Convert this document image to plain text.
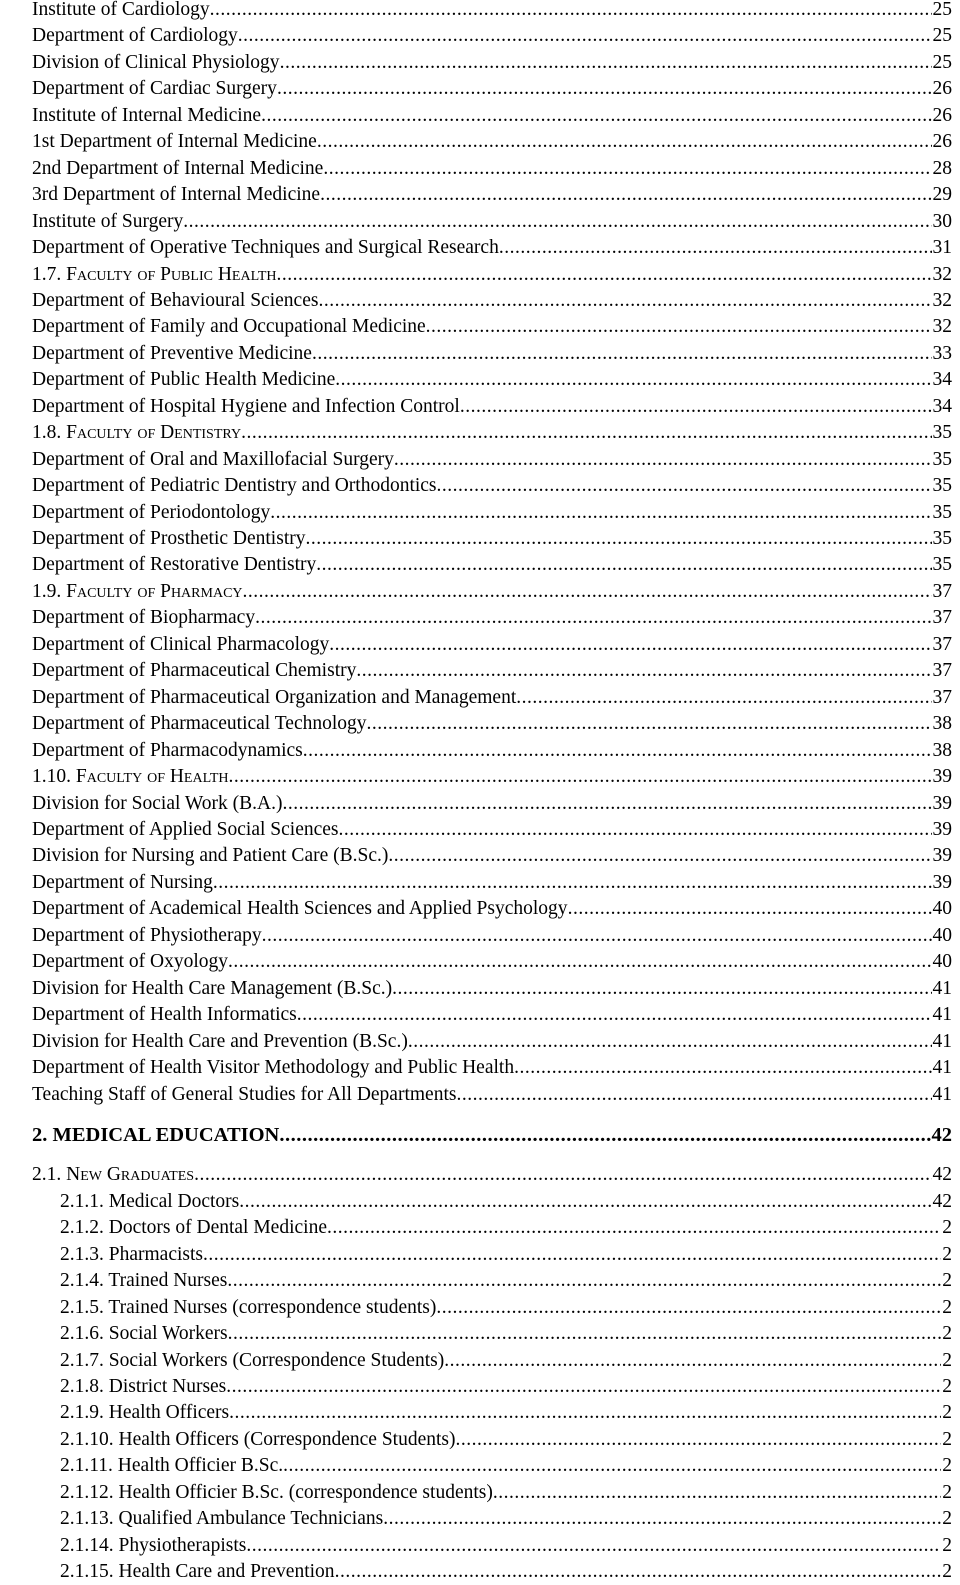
Institute of Cardiology .....	25
Department of Cardiology .....	25
Division of Clinical Physiology .....	25
Department of Cardiac Surgery .....	26
Institute of Internal Medicine .....	26
1st Department of Internal Medicine .....	26
2nd Department of Internal Medicine .....	28
3rd Department of Internal Medicine .....	29
Institute of Surgery .....	30
Department of Operative Techniques and Surgical Research .....	31
1.7. Faculty of Public Health .....	32
Department of Behavioural Sciences .....	32
Department of Family and Occupational Medicine .....	32
Department of Preventive Medicine .....	33
Department of Public Health Medicine .....	34
Department of Hospital Hygiene and Infection Control .....	34
1.8. Faculty of Dentistry .....	35
Department of Oral and Maxillofacial Surgery .....	35
Department of Pediatric Dentistry and Orthodontics .....	35
Department of Periodontology .....	35
Department of Prosthetic Dentistry .....	35
Department of Restorative Dentistry .....	35
1.9. Faculty of Pharmacy .....	37
Department of Biopharmacy .....	37
Department of Clinical Pharmacology .....	37
Department of Pharmaceutical Chemistry .....	37
Department of Pharmaceutical Organization and Management .....	37
Department of Pharmaceutical Technology .....	38
Department of Pharmacodynamics .....	38
1.10. Faculty of Health .....	39
Division for Social Work (B.A.) .....	39
Department of Applied Social Sciences .....	39
Division for Nursing and Patient Care (B.Sc.) .....	39
Department of Nursing .....	39
Department of Academical Health Sciences and Applied Psychology .....	40
Department of Physiotherapy .....	40
Department of Oxyology .....	40
Division for Health Care Management (B.Sc.) .....	41
Department of Health Informatics .....	41
Division for Health Care and Prevention (B.Sc.) .....	41
Department of Health Visitor Methodology and Public Health .....	41
Teaching Staff of General Studies for All Departments .....	41
2. MEDICAL EDUCATION .....	42
2.1. New Graduates .....	42
2.1.1. Medical Doctors .....	42
2.1.2. Doctors of Dental Medicine .....	2
2.1.3. Pharmacists .....	2
2.1.4. Trained Nurses .....	2
2.1.5. Trained Nurses (correspondence students) .....	2
2.1.6. Social Workers .....	2
2.1.7. Social Workers (Correspondence Students) .....	2
2.1.8. District Nurses .....	2
2.1.9. Health Officers .....	2
2.1.10. Health Officers (Correspondence Students) .....	2
2.1.11. Health Officier B.Sc. .....	2
2.1.12. Health Officier B.Sc. (correspondence students) .....	2
2.1.13. Qualified Ambulance Technicians .....	2
2.1.14. Physiotherapists .....	2
2.1.15. Health Care and Prevention .....	2
